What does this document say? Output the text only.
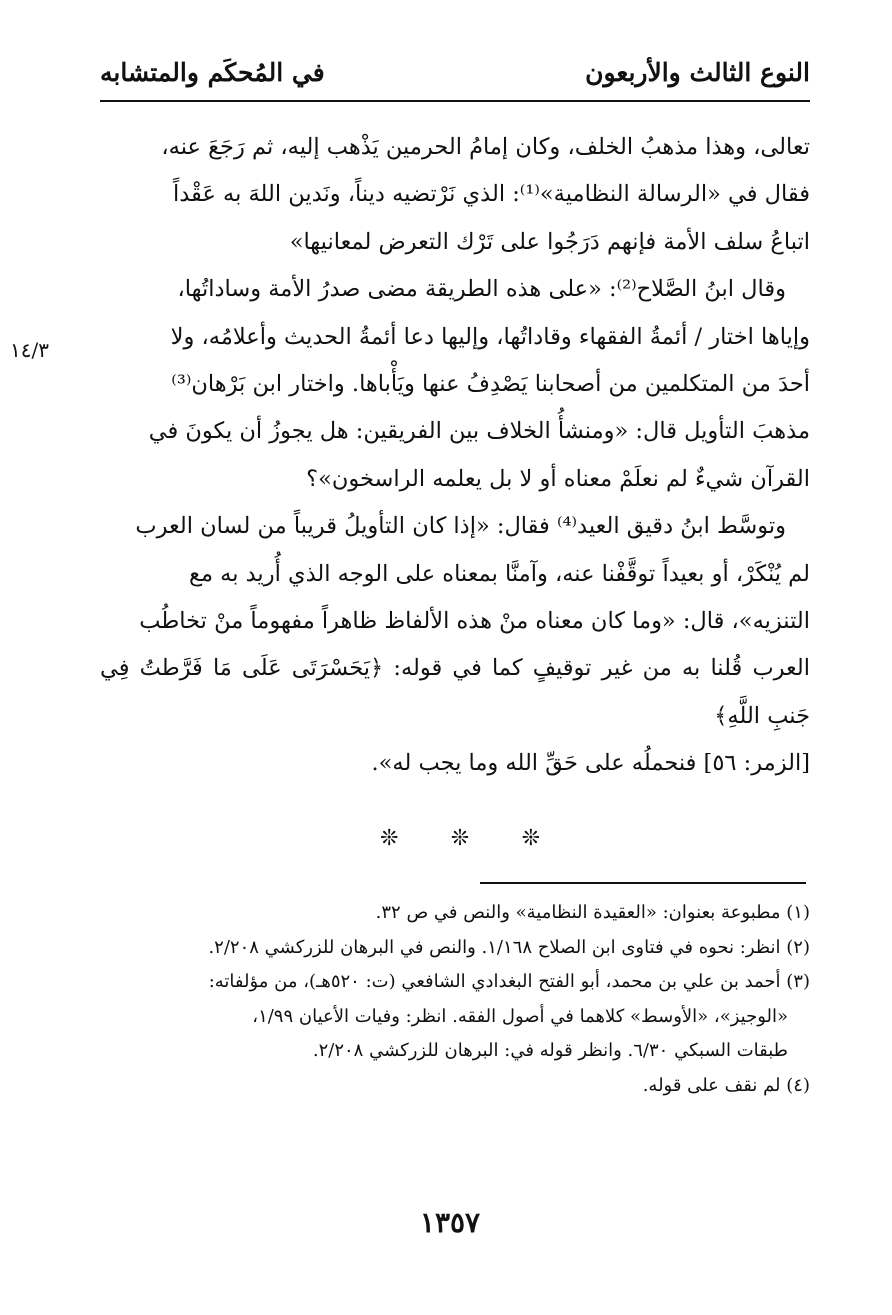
النوع الثالث والأربعون
في المُحكَم والمتشابه

تعالى، وهذا مذهبُ الخلف، وكان إمامُ الحرمين يَذْهب إليه، ثم رَجَعَ عنه،

فقال في «الرسالة النظامية»⁽¹⁾: الذي نَرْتضيه ديناً، ونَدين اللهَ به عَقْداً

اتباعُ سلف الأمة فإنهم دَرَجُوا على تَرْك التعرض لمعانيها»

وقال ابنُ الصَّلاح⁽²⁾: «على هذه الطريقة مضى صدرُ الأمة وساداتُها،

وإياها اختار / أئمةُ الفقهاء وقاداتُها، وإليها دعا أئمةُ الحديث وأعلامُه، ولا

أحدَ من المتكلمين من أصحابنا يَصْدِفُ عنها ويَأْباها. واختار ابن بَرْهان⁽³⁾

مذهبَ التأويل قال: «ومنشأُ الخلاف بين الفريقين: هل يجوزُ أن يكونَ في

القرآن شيءٌ لم نعلَمْ معناه أو لا بل يعلمه الراسخون»؟

وتوسَّط ابنُ دقيق العيد⁽⁴⁾ فقال: «إذا كان التأويلُ قريباً من لسان العرب

لم يُنْكَرْ، أو بعيداً توقَّفْنا عنه، وآمنَّا بمعناه على الوجه الذي أُريد به مع

التنزيه»، قال: «وما كان معناه منْ هذه الألفاظ ظاهراً مفهوماً منْ تخاطُب

العرب قُلنا به من غير توقيفٍ كما في قوله: ﴿يَحَسْرَتَى عَلَى مَا فَرَّطتُ فِي جَنبِ اللَّهِ﴾

[الزمر: ٥٦] فنحملُه على حَقِّ الله وما يجب له».

١٤/٣
❊
❊
❊

(١) مطبوعة بعنوان: «العقيدة النظامية» والنص في ص ٣٢.

(٢) انظر: نحوه في فتاوى ابن الصلاح ١/١٦٨. والنص في البرهان للزركشي ٢/٢٠٨.

(٣) أحمد بن علي بن محمد، أبو الفتح البغدادي الشافعي (ت: ٥٢٠هـ)، من مؤلفاته:

«الوجيز»، «الأوسط» كلاهما في أصول الفقه. انظر: وفيات الأعيان ١/٩٩،

طبقات السبكي ٦/٣٠. وانظر قوله في: البرهان للزركشي ٢/٢٠٨.

(٤) لم نقف على قوله.

١٣٥٧
